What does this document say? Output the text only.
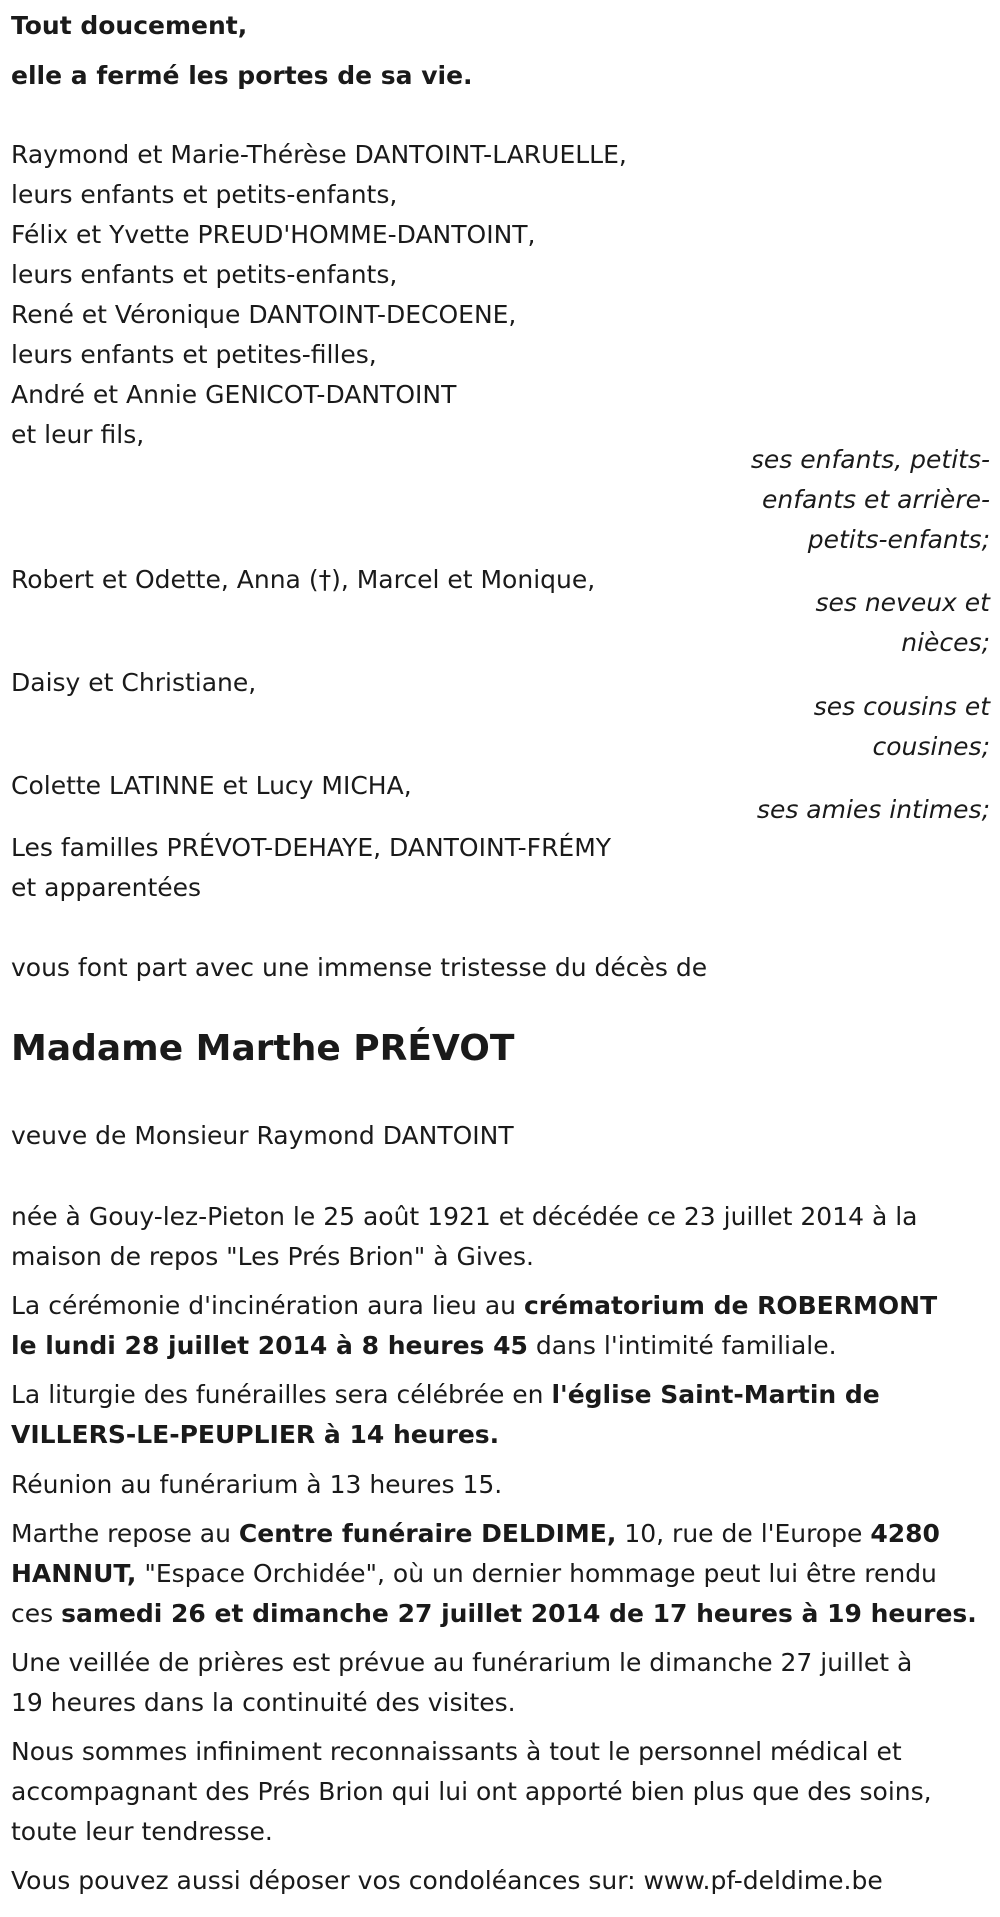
Tout doucement,
elle a fermé les portes de sa vie.
Raymond et Marie-Thérèse DANTOINT-LARUELLE,
leurs enfants et petits-enfants,
Félix et Yvette PREUD'HOMME-DANTOINT,
leurs enfants et petits-enfants,
René et Véronique DANTOINT-DECOENE,
leurs enfants et petites-filles,
André et Annie GENICOT-DANTOINT
et leur fils,
ses enfants, petits-
enfants et arrière-
petits-enfants;
Robert et Odette, Anna (†), Marcel et Monique,
ses neveux et
nièces;
Daisy et Christiane,
ses cousins et
cousines;
Colette LATINNE et Lucy MICHA,
ses amies intimes;
Les familles PRÉVOT-DEHAYE, DANTOINT-FRÉMY
et apparentées
vous font part avec une immense tristesse du décès de
Madame Marthe PRÉVOT
veuve de Monsieur Raymond DANTOINT
née à Gouy-lez-Pieton le 25 août 1921 et décédée ce 23 juillet 2014 à la
maison de repos "Les Prés Brion" à Gives.
La cérémonie d'incinération aura lieu au crématorium de ROBERMONT
le lundi 28 juillet 2014 à 8 heures 45 dans l'intimité familiale.
La liturgie des funérailles sera célébrée en l'église Saint-Martin de
VILLERS-LE-PEUPLIER à 14 heures.
Réunion au funérarium à 13 heures 15.
Marthe repose au Centre funéraire DELDIME, 10, rue de l'Europe 4280
HANNUT, "Espace Orchidée", où un dernier hommage peut lui être rendu
ces samedi 26 et dimanche 27 juillet 2014 de 17 heures à 19 heures.
Une veillée de prières est prévue au funérarium le dimanche 27 juillet à
19 heures dans la continuité des visites.
Nous sommes infiniment reconnaissants à tout le personnel médical et
accompagnant des Prés Brion qui lui ont apporté bien plus que des soins,
toute leur tendresse.
Vous pouvez aussi déposer vos condoléances sur: www.pf-deldime.be
